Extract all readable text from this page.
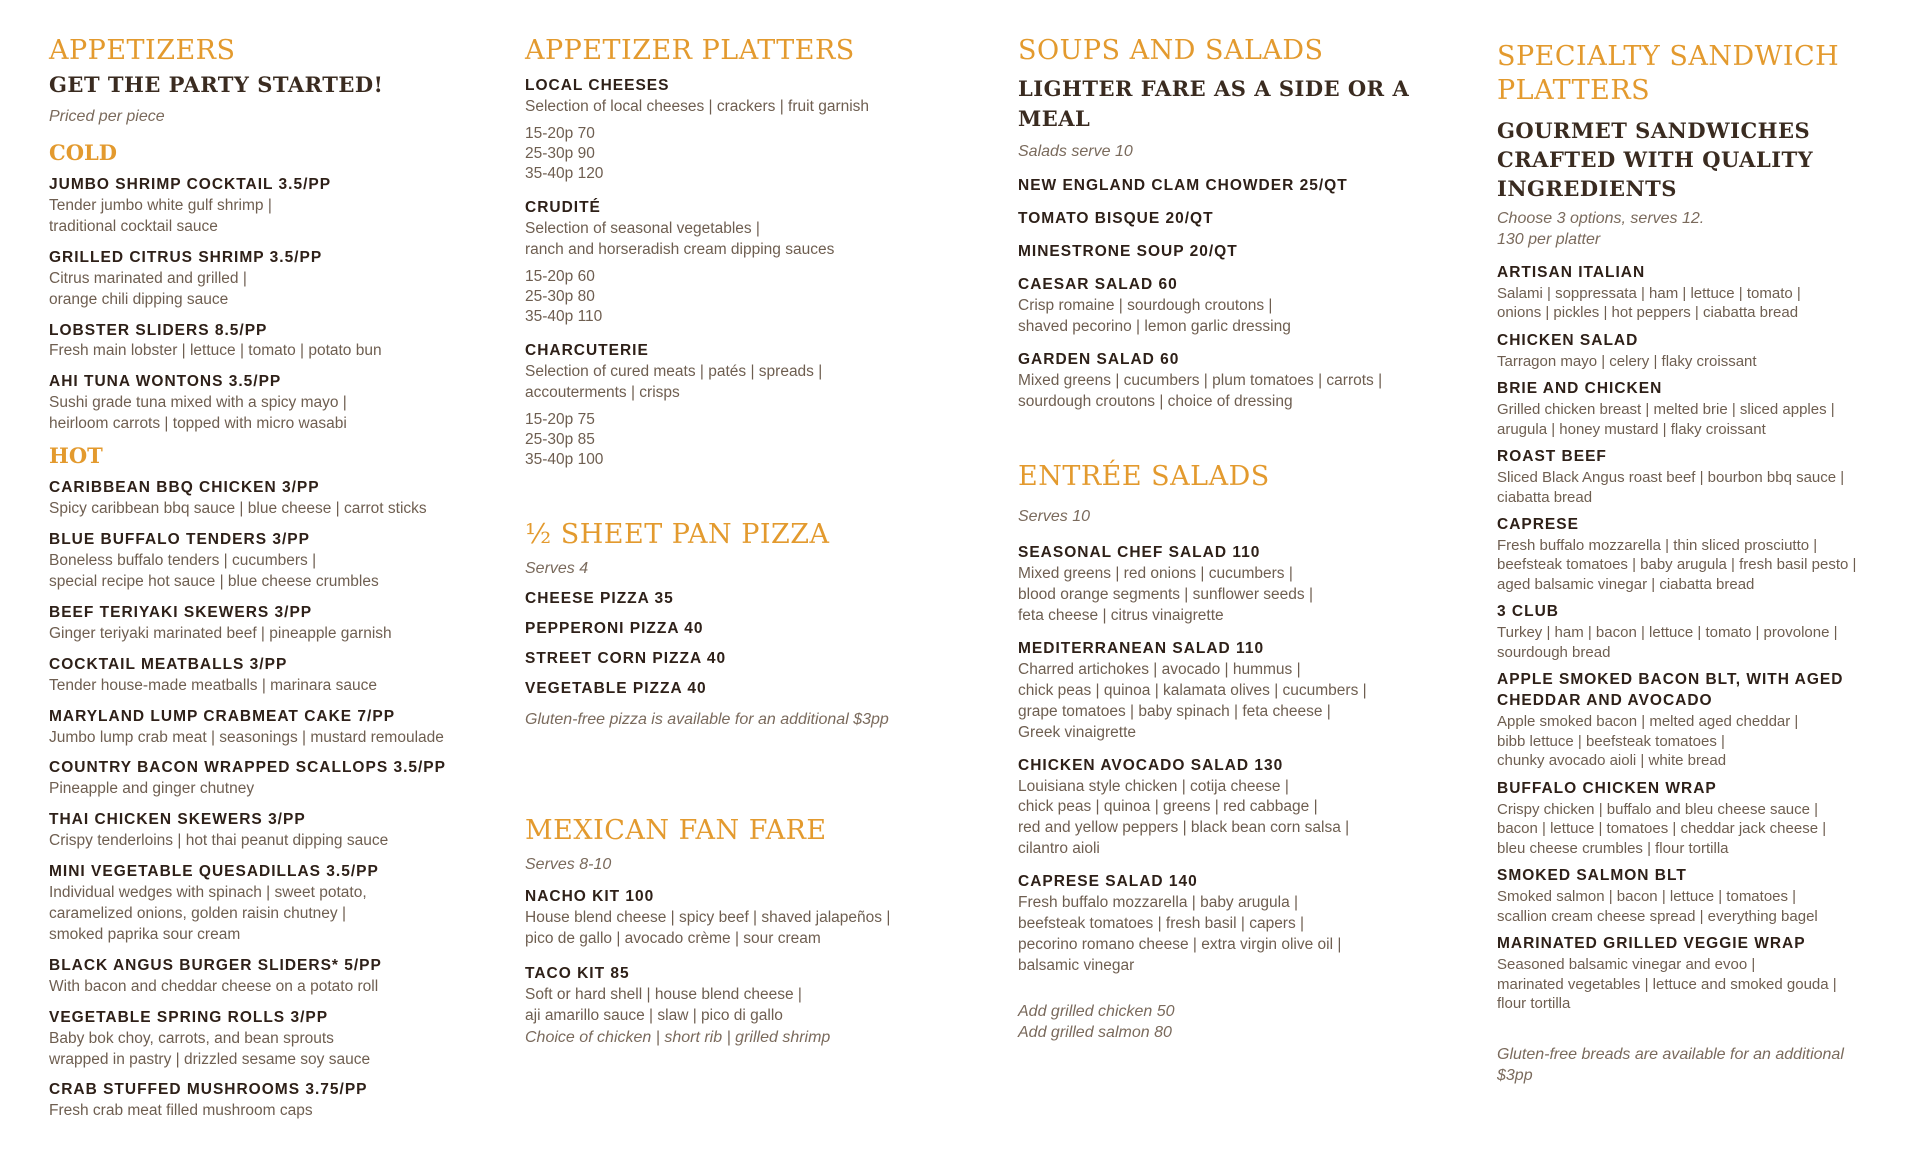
APPETIZERS
GET THE PARTY STARTED!

Priced per piece

COLD

JUMBO SHRIMP COCKTAIL 3.5/PP

Tender jumbo white gulf shrimp |

traditional cocktail sauce

GRILLED CITRUS SHRIMP 3.5/PP

Citrus marinated and grilled |

orange chili dipping sauce

LOBSTER SLIDERS 8.5/PP

Fresh main lobster | lettuce | tomato | potato bun

AHI TUNA WONTONS 3.5/PP

Sushi grade tuna mixed with a spicy mayo |

heirloom carrots | topped with micro wasabi

HOT

CARIBBEAN BBQ CHICKEN 3/PP

Spicy caribbean bbq sauce | blue cheese | carrot sticks

BLUE BUFFALO TENDERS 3/PP

Boneless buffalo tenders | cucumbers |

special recipe hot sauce | blue cheese crumbles

BEEF TERIYAKI SKEWERS 3/PP

Ginger teriyaki marinated beef | pineapple garnish

COCKTAIL MEATBALLS 3/PP

Tender house-made meatballs | marinara sauce

MARYLAND LUMP CRABMEAT CAKE 7/PP

Jumbo lump crab meat | seasonings | mustard remoulade

COUNTRY BACON WRAPPED SCALLOPS 3.5/PP

Pineapple and ginger chutney

THAI CHICKEN SKEWERS 3/PP

Crispy tenderloins | hot thai peanut dipping sauce

MINI VEGETABLE QUESADILLAS 3.5/PP

Individual wedges with spinach | sweet potato,

caramelized onions, golden raisin chutney |

smoked paprika sour cream

BLACK ANGUS BURGER SLIDERS* 5/PP

With bacon and cheddar cheese on a potato roll

VEGETABLE SPRING ROLLS 3/PP

Baby bok choy, carrots, and bean sprouts

wrapped in pastry | drizzled sesame soy sauce

CRAB STUFFED MUSHROOMS 3.75/PP

Fresh crab meat filled mushroom caps

APPETIZER PLATTERS

LOCAL CHEESES

Selection of local cheeses | crackers | fruit garnish

15-20p 70

25-30p 90

35-40p 120

CRUDITÉ

Selection of seasonal vegetables |

ranch and horseradish cream dipping sauces

15-20p 60

25-30p 80

35-40p 110

CHARCUTERIE

Selection of cured meats | patés | spreads |

accouterments | crisps

15-20p 75

25-30p 85

35-40p 100

½ SHEET PAN PIZZA

Serves 4

CHEESE PIZZA 35

PEPPERONI PIZZA 40

STREET CORN PIZZA 40

VEGETABLE PIZZA 40

Gluten-free pizza is available for an additional $3pp

MEXICAN FAN FARE

Serves 8-10

NACHO KIT 100

House blend cheese | spicy beef | shaved jalapeños |

pico de gallo | avocado crème | sour cream

TACO KIT 85

Soft or hard shell | house blend cheese |

aji amarillo sauce | slaw | pico di gallo

Choice of chicken | short rib | grilled shrimp

SOUPS AND SALADS
LIGHTER FARE AS A SIDE OR A
MEAL

Salads serve 10

NEW ENGLAND CLAM CHOWDER 25/QT

TOMATO BISQUE 20/QT

MINESTRONE SOUP 20/QT

CAESAR SALAD 60

Crisp romaine | sourdough croutons |

shaved pecorino | lemon garlic dressing

GARDEN SALAD 60

Mixed greens | cucumbers | plum tomatoes | carrots |

sourdough croutons | choice of dressing

ENTRÉE SALADS

Serves 10

SEASONAL CHEF SALAD 110

Mixed greens | red onions | cucumbers |

blood orange segments | sunflower seeds |

feta cheese | citrus vinaigrette

MEDITERRANEAN SALAD 110

Charred artichokes | avocado | hummus |

chick peas | quinoa | kalamata olives | cucumbers |

grape tomatoes | baby spinach | feta cheese |

Greek vinaigrette

CHICKEN AVOCADO SALAD 130

Louisiana style chicken | cotija cheese |

chick peas | quinoa | greens | red cabbage |

red and yellow peppers | black bean corn salsa |

cilantro aioli

CAPRESE SALAD 140

Fresh buffalo mozzarella | baby arugula |

beefsteak tomatoes | fresh basil | capers |

pecorino romano cheese | extra virgin olive oil |

balsamic vinegar

Add grilled chicken 50

Add grilled salmon 80

SPECIALTY SANDWICH
PLATTERS
GOURMET SANDWICHES
CRAFTED WITH QUALITY
INGREDIENTS

Choose 3 options, serves 12.

130 per platter

ARTISAN ITALIAN

Salami | soppressata | ham | lettuce | tomato |

onions | pickles | hot peppers | ciabatta bread

CHICKEN SALAD

Tarragon mayo | celery | flaky croissant

BRIE AND CHICKEN

Grilled chicken breast | melted brie | sliced apples |

arugula | honey mustard | flaky croissant

ROAST BEEF

Sliced Black Angus roast beef | bourbon bbq sauce |

ciabatta bread

CAPRESE

Fresh buffalo mozzarella | thin sliced prosciutto |

beefsteak tomatoes | baby arugula | fresh basil pesto |

aged balsamic vinegar | ciabatta bread

3 CLUB

Turkey | ham | bacon | lettuce | tomato | provolone |

sourdough bread

APPLE SMOKED BACON BLT, WITH AGED

CHEDDAR AND AVOCADO

Apple smoked bacon | melted aged cheddar |

bibb lettuce | beefsteak tomatoes |

chunky avocado aioli | white bread

BUFFALO CHICKEN WRAP

Crispy chicken | buffalo and bleu cheese sauce |

bacon | lettuce | tomatoes | cheddar jack cheese |

bleu cheese crumbles | flour tortilla

SMOKED SALMON BLT

Smoked salmon | bacon | lettuce | tomatoes |

scallion cream cheese spread | everything bagel

MARINATED GRILLED VEGGIE WRAP

Seasoned balsamic vinegar and evoo |

marinated vegetables | lettuce and smoked gouda |

flour tortilla

Gluten-free breads are available for an additional

$3pp
